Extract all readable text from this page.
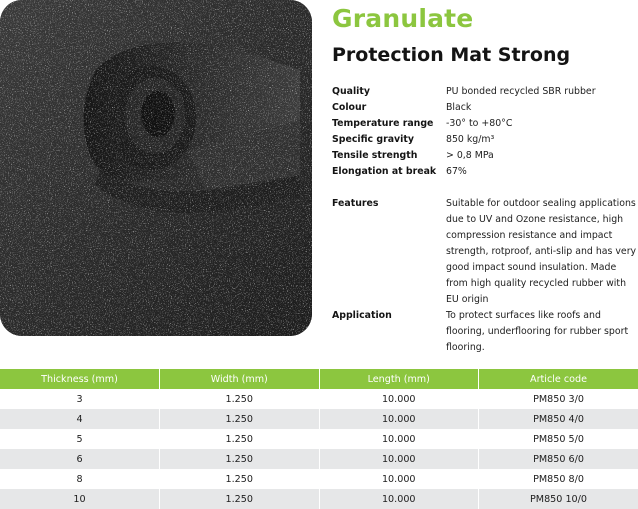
Granulate
Protection Mat Strong
Quality	PU bonded recycled SBR rubber
Colour	Black
Temperature range	-30° to +80°C
Specific gravity	850 kg/m³
Tensile strength	> 0,8 MPa
Elongation at break	67%
Features	Suitable for outdoor sealing applications due to UV and Ozone resistance, high compression resistance and impact strength, rotproof, anti-slip and has very good impact sound insulation. Made from high quality recycled rubber with EU origin
Application	To protect surfaces like roofs and flooring, underflooring for rubber sport flooring.
Thickness (mm)	Width (mm)	Length (mm)	Article code
3	1.250	10.000	PM850 3/0
4	1.250	10.000	PM850 4/0
5	1.250	10.000	PM850 5/0
6	1.250	10.000	PM850 6/0
8	1.250	10.000	PM850 8/0
10	1.250	10.000	PM850 10/0
